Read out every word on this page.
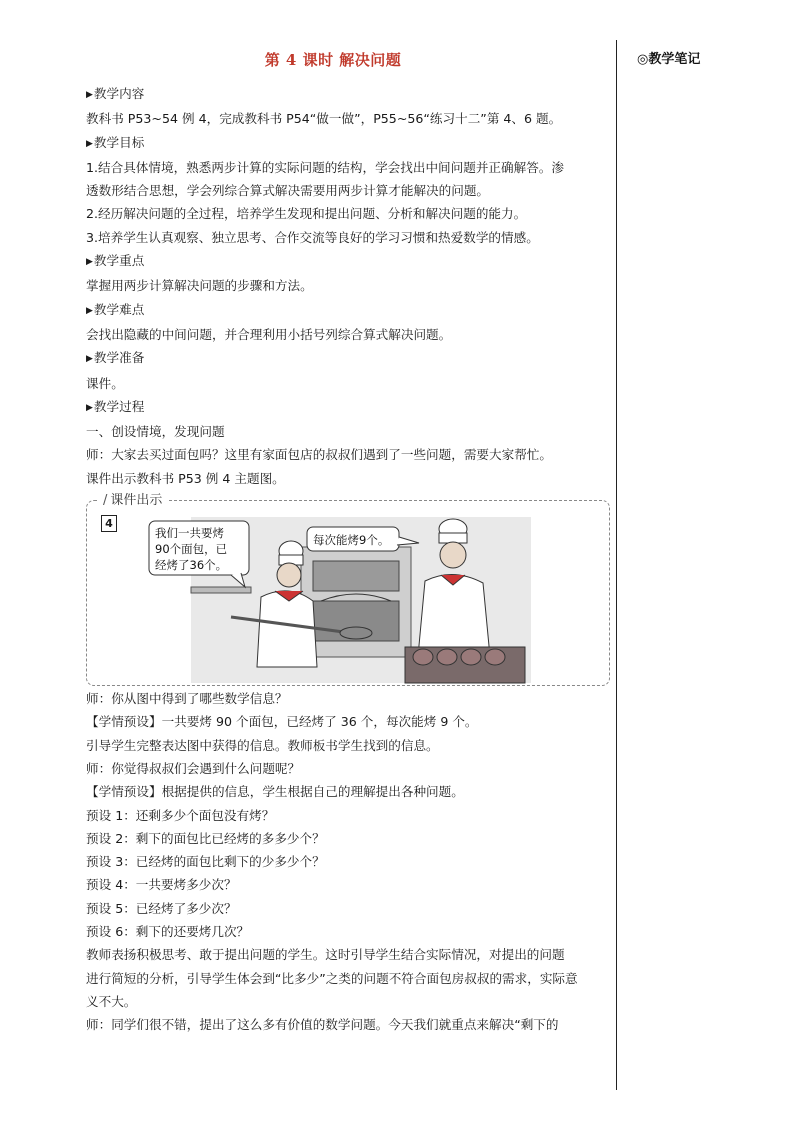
第 4 课时 解决问题	◎教学笔记
▶教学内容
教科书 P53~54 例 4，完成教科书 P54“做一做”，P55~56“练习十二”第 4、6 题。
▶教学目标
1.结合具体情境，熟悉两步计算的实际问题的结构，学会找出中间问题并正确解答。渗
透数形结合思想，学会列综合算式解决需要用两步计算才能解决的问题。
2.经历解决问题的全过程，培养学生发现和提出问题、分析和解决问题的能力。
3.培养学生认真观察、独立思考、合作交流等良好的学习习惯和热爱数学的情感。
▶教学重点
掌握用两步计算解决问题的步骤和方法。
▶教学难点
会找出隐藏的中间问题，并合理利用小括号列综合算式解决问题。
▶教学准备
课件。
▶教学过程
一、创设情境，发现问题
师：大家去买过面包吗？这里有家面包店的叔叔们遇到了一些问题，需要大家帮忙。
课件出示教科书 P53 例 4 主题图。
/ 课件出示
4
我们一共要烤
90个面包，已
经烤了36个。
每次能烤9个。
师：你从图中得到了哪些数学信息？
【学情预设】一共要烤 90 个面包，已经烤了 36 个，每次能烤 9 个。
引导学生完整表达图中获得的信息。教师板书学生找到的信息。
师：你觉得叔叔们会遇到什么问题呢？
【学情预设】根据提供的信息，学生根据自己的理解提出各种问题。
预设 1：还剩多少个面包没有烤？
预设 2：剩下的面包比已经烤的多多少个？
预设 3：已经烤的面包比剩下的少多少个？
预设 4：一共要烤多少次？
预设 5：已经烤了多少次？
预设 6：剩下的还要烤几次？
教师表扬积极思考、敢于提出问题的学生。这时引导学生结合实际情况，对提出的问题
进行简短的分析，引导学生体会到“比多少”之类的问题不符合面包房叔叔的需求，实际意
义不大。
师：同学们很不错，提出了这么多有价值的数学问题。今天我们就重点来解决“剩下的
